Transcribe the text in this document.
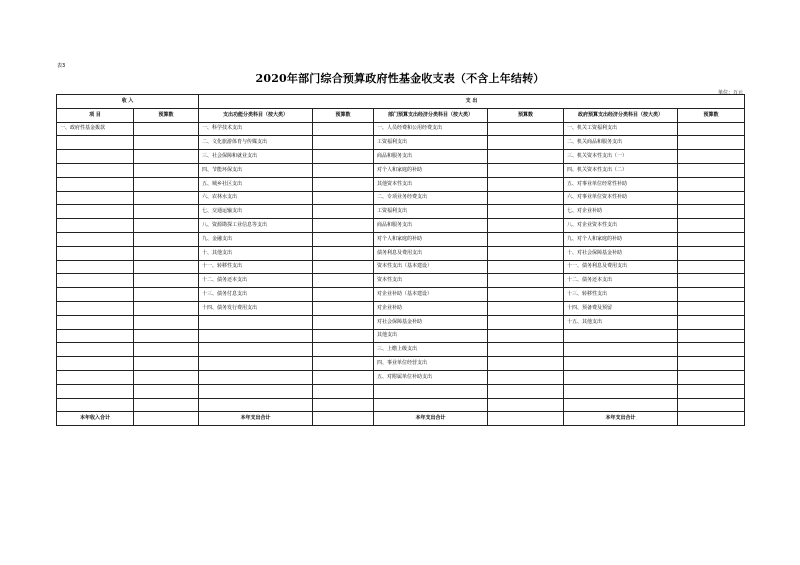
表3
2020年部门综合预算政府性基金收支表（不含上年结转）
单位：万元
收 入		支 出					
项 目	预算数	支出功能分类科目（按大类）	预算数	部门预算支出经济分类科目（按大类）	预算数	政府预算支出经济分类科目（按大类）	预算数
一、政府性基金拨款		一、科学技术支出		一、人员经费和公用经费支出		一、机关工资福利支出	
		二、文化旅游体育与传媒支出		工资福利支出		二、机关商品和服务支出	
		三、社会保障和就业支出		商品和服务支出		三、机关资本性支出（一）	
		四、节能环保支出		对个人和家庭的补助		四、机关资本性支出（二）	
		五、城乡社区支出		其他资本性支出		五、对事业单位经常性补助	
		六、农林水支出		二、专项业务经费支出		六、对事业单位资本性补助	
		七、交通运输支出		工资福利支出		七、对企业补助	
		八、资源勘探工业信息等支出		商品和服务支出		八、对企业资本性支出	
		九、金融支出		对个人和家庭的补助		九、对个人和家庭的补助	
		十、其他支出		债务利息及费用支出		十、对社会保障基金补助	
		十一、转移性支出		资本性支出（基本建设）		十一、债务利息及费用支出	
		十二、债务还本支出		资本性支出		十二、债务还本支出	
		十三、债务付息支出		对企业补助（基本建设）		十三、转移性支出	
		十四、债务发行费用支出		对企业补助		十四、预备费及预留	
				对社会保障基金补助		十五、其他支出	
				其他支出			
				三、上缴上级支出			
				四、事业单位经营支出			
				五、对附属单位补助支出			

本年收入合计		本年支出合计		本年支出合计		本年支出合计	
